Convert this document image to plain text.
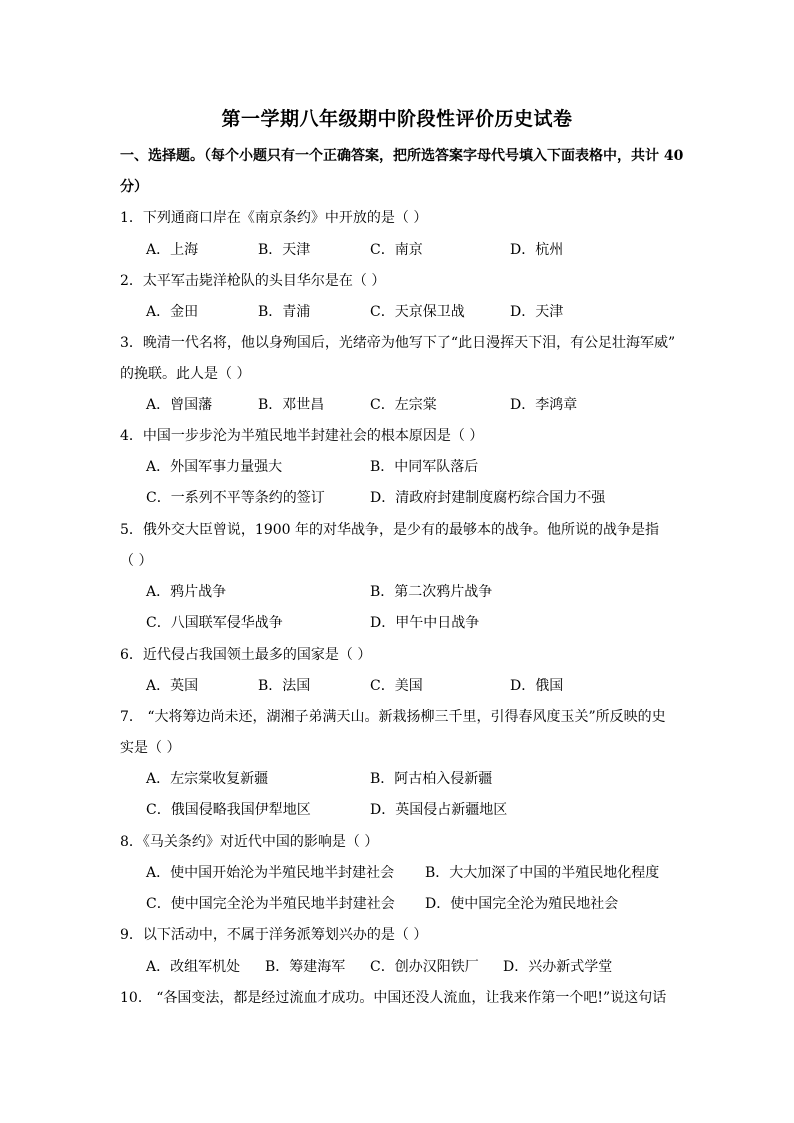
第一学期八年级期中阶段性评价历史试卷
一、选择题。（每个小题只有一个正确答案，把所选答案字母代号填入下面表格中，共计 40
分）
1．下列通商口岸在《南京条约》中开放的是（ ）
A．上海	B．天津	C．南京	D．杭州
2．太平军击毙洋枪队的头目华尔是在（ ）
A．金田	B．青浦	C．天京保卫战	D．天津
3．晚清一代名将，他以身殉国后，光绪帝为他写下了“此日漫挥天下泪，有公足壮海军威”
的挽联。此人是（ ）
A．曾国藩	B．邓世昌	C．左宗棠	D．李鸿章
4．中国一步步沦为半殖民地半封建社会的根本原因是（ ）
A．外国军事力量强大	B．中同军队落后
C．一系列不平等条约的签订	D．清政府封建制度腐朽综合国力不强
5．俄外交大臣曾说，1900 年的对华战争，是少有的最够本的战争。他所说的战争是指
（ ）
A．鸦片战争	B．第二次鸦片战争
C．八国联军侵华战争	D．甲午中日战争
6．近代侵占我国领土最多的国家是（ ）
A．英国	B．法国	C．美国	D．俄国
7． “大将筹边尚未还，湖湘子弟满天山。新栽扬柳三千里，引得春风度玉关”所反映的史
实是（ ）
A．左宗棠收复新疆	B．阿古柏入侵新疆
C．俄国侵略我国伊犁地区	D．英国侵占新疆地区
8．《马关条约》对近代中国的影响是（ ）
A．使中国开始沦为半殖民地半封建社会 B．大大加深了中国的半殖民地化程度
C．使中国完全沦为半殖民地半封建社会 D．使中国完全沦为殖民地社会
9．以下活动中，不属于洋务派筹划兴办的是（ ）
A．改组军机处 B．筹建海军 C．创办汉阳铁厂 D．兴办新式学堂
10． “各国变法，都是经过流血才成功。中国还没人流血，让我来作第一个吧!”说这句话
